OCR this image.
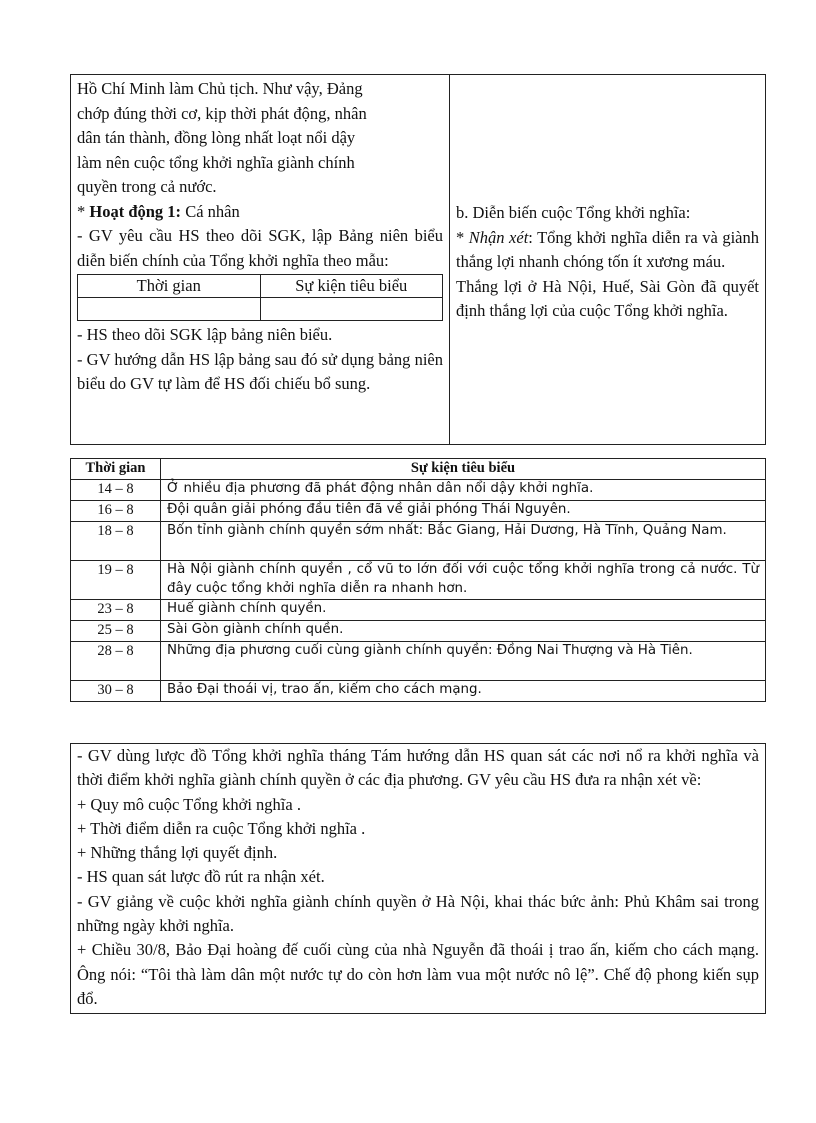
Hồ Chí Minh làm Chủ tịch. Như vậy, Đảng
chớp đúng thời cơ, kịp thời phát động, nhân
dân tán thành, đồng lòng nhất loạt nổi dậy
làm nên cuộc tổng khởi nghĩa giành chính
quyền trong cả nước.
* Hoạt động 1: Cá nhân
- GV yêu cầu HS theo dõi SGK, lập Bảng niên biểu diễn biến chính của Tổng khởi nghĩa theo mẫu:
Thời gian	Sự kiện tiêu biểu

- HS theo dõi SGK lập bảng niên biểu.
- GV hướng dẫn HS lập bảng sau đó sử dụng bảng niên biểu do GV tự làm để HS đối chiếu bổ sung.
b. Diễn biến cuộc Tổng khởi nghĩa:
* Nhận xét: Tổng khởi nghĩa diễn ra và giành thắng lợi nhanh chóng tốn ít xương máu.
Thắng lợi ở Hà Nội, Huế, Sài Gòn đã quyết định thắng lợi của cuộc Tổng khởi nghĩa.
Thời gian	Sự kiện tiêu biểu
14 – 8	Ở nhiều địa phương đã phát động nhân dân nổi dậy khởi nghĩa.
16 – 8	Đội quân giải phóng đầu tiên đã về giải phóng Thái Nguyên.
18 – 8	Bốn tỉnh giành chính quyền sớm nhất: Bắc Giang, Hải Dương, Hà Tĩnh, Quảng Nam.
19 – 8	Hà Nội giành chính quyền , cổ vũ to lớn đối với cuộc tổng khởi nghĩa trong cả nước. Từ đây cuộc tổng khởi nghĩa diễn ra nhanh hơn.
23 – 8	Huế giành chính quyền.
25 – 8	Sài Gòn giành chính quền.
28 – 8	Những địa phương cuối cùng giành chính quyền: Đồng Nai Thượng và Hà Tiên.
30 – 8	Bảo Đại thoái vị, trao ấn, kiếm cho cách mạng.

- GV dùng lược đồ Tổng khởi nghĩa tháng Tám hướng dẫn HS quan sát các nơi nổ ra khởi nghĩa và thời điểm khởi nghĩa giành chính quyền ở các địa phương. GV yêu cầu HS đưa ra nhận xét về:

+ Quy mô cuộc Tổng khởi nghĩa .

+ Thời điểm diễn ra cuộc Tổng khởi nghĩa .

+ Những thắng lợi quyết định.

- HS quan sát lược đồ rút ra nhận xét.

- GV giảng về cuộc khởi nghĩa giành chính quyền ở Hà Nội, khai thác bức ảnh: Phủ Khâm sai trong những ngày khởi nghĩa.

+ Chiều 30/8, Bảo Đại hoàng đế cuối cùng của nhà Nguyễn đã thoái ị trao ấn, kiếm cho cách mạng. Ông nói: “Tôi thà làm dân một nước tự do còn hơn làm vua một nước nô lệ”. Chế độ phong kiến sụp đổ.
